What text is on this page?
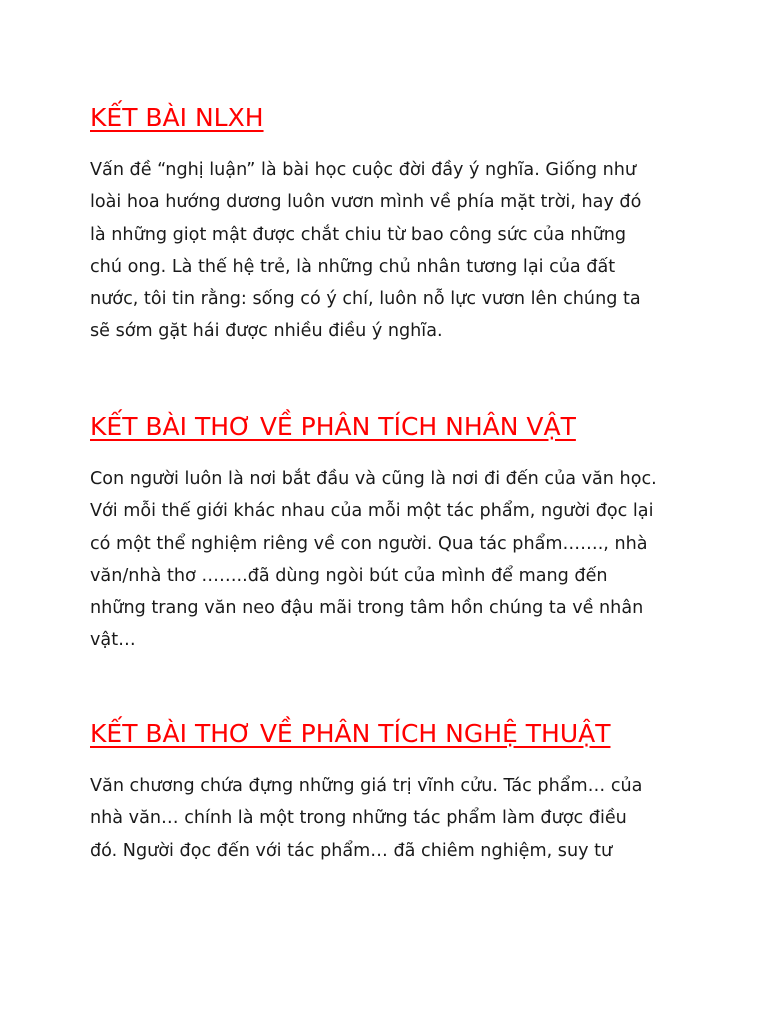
KẾT BÀI NLXH

Vấn đề “nghị luận” là bài học cuộc đời đầy ý nghĩa. Giống như
loài hoa hướng dương luôn vươn mình về phía mặt trời, hay đó
là những giọt mật được chắt chiu từ bao công sức của những
chú ong. Là thế hệ trẻ, là những chủ nhân tương lại của đất
nước, tôi tin rằng: sống có ý chí, luôn nỗ lực vươn lên chúng ta
sẽ sớm gặt hái được nhiều điều ý nghĩa.

KẾT BÀI THƠ VỀ PHÂN TÍCH NHÂN VẬT

Con người luôn là nơi bắt đầu và cũng là nơi đi đến của văn học.
Với mỗi thế giới khác nhau của mỗi một tác phẩm, người đọc lại
có một thể nghiệm riêng về con người. Qua tác phẩm……., nhà
văn/nhà thơ ……..đã dùng ngòi bút của mình để mang đến
những trang văn neo đậu mãi trong tâm hồn chúng ta về nhân
vật…

KẾT BÀI THƠ VỀ PHÂN TÍCH NGHỆ THUẬT

Văn chương chứa đựng những giá trị vĩnh cửu. Tác phẩm… của
nhà văn… chính là một trong những tác phẩm làm được điều
đó. Người đọc đến với tác phẩm… đã chiêm nghiệm, suy tư
